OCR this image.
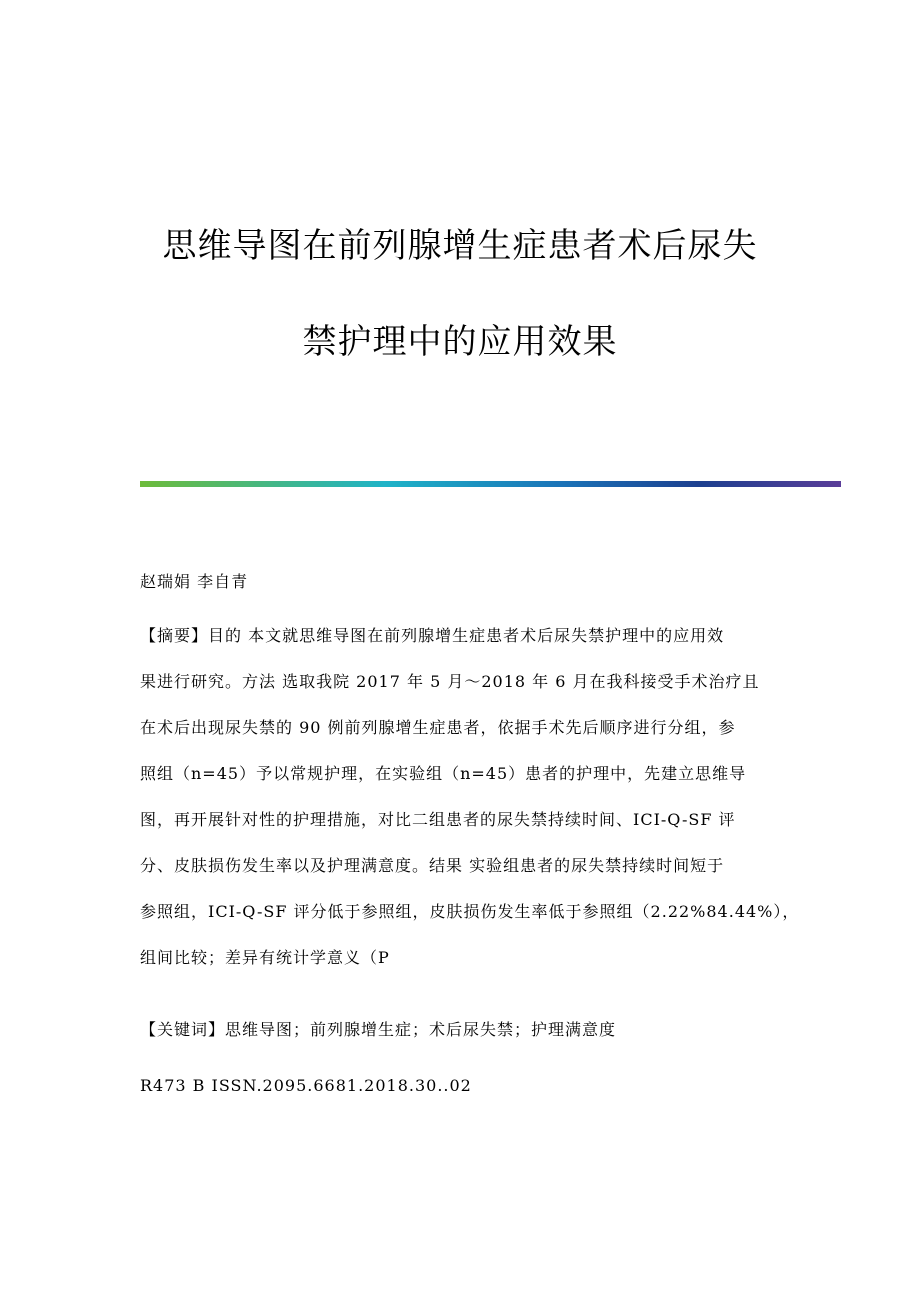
思维导图在前列腺增生症患者术后尿失
禁护理中的应用效果
赵瑞娟 李自青
【摘要】目的 本文就思维导图在前列腺增生症患者术后尿失禁护理中的应用效
果进行研究。方法 选取我院 2017 年 5 月～2018 年 6 月在我科接受手术治疗且
在术后出现尿失禁的 90 例前列腺增生症患者，依据手术先后顺序进行分组，参
照组（n=45）予以常规护理，在实验组（n=45）患者的护理中，先建立思维导
图，再开展针对性的护理措施，对比二组患者的尿失禁持续时间、ICI-Q-SF 评
分、皮肤损伤发生率以及护理满意度。结果 实验组患者的尿失禁持续时间短于
参照组，ICI-Q-SF 评分低于参照组，皮肤损伤发生率低于参照组（2.22%84.44%），
组间比较；差异有统计学意义（P
【关键词】思维导图；前列腺增生症；术后尿失禁；护理满意度
R473 B ISSN.2095.6681.2018.30..02
